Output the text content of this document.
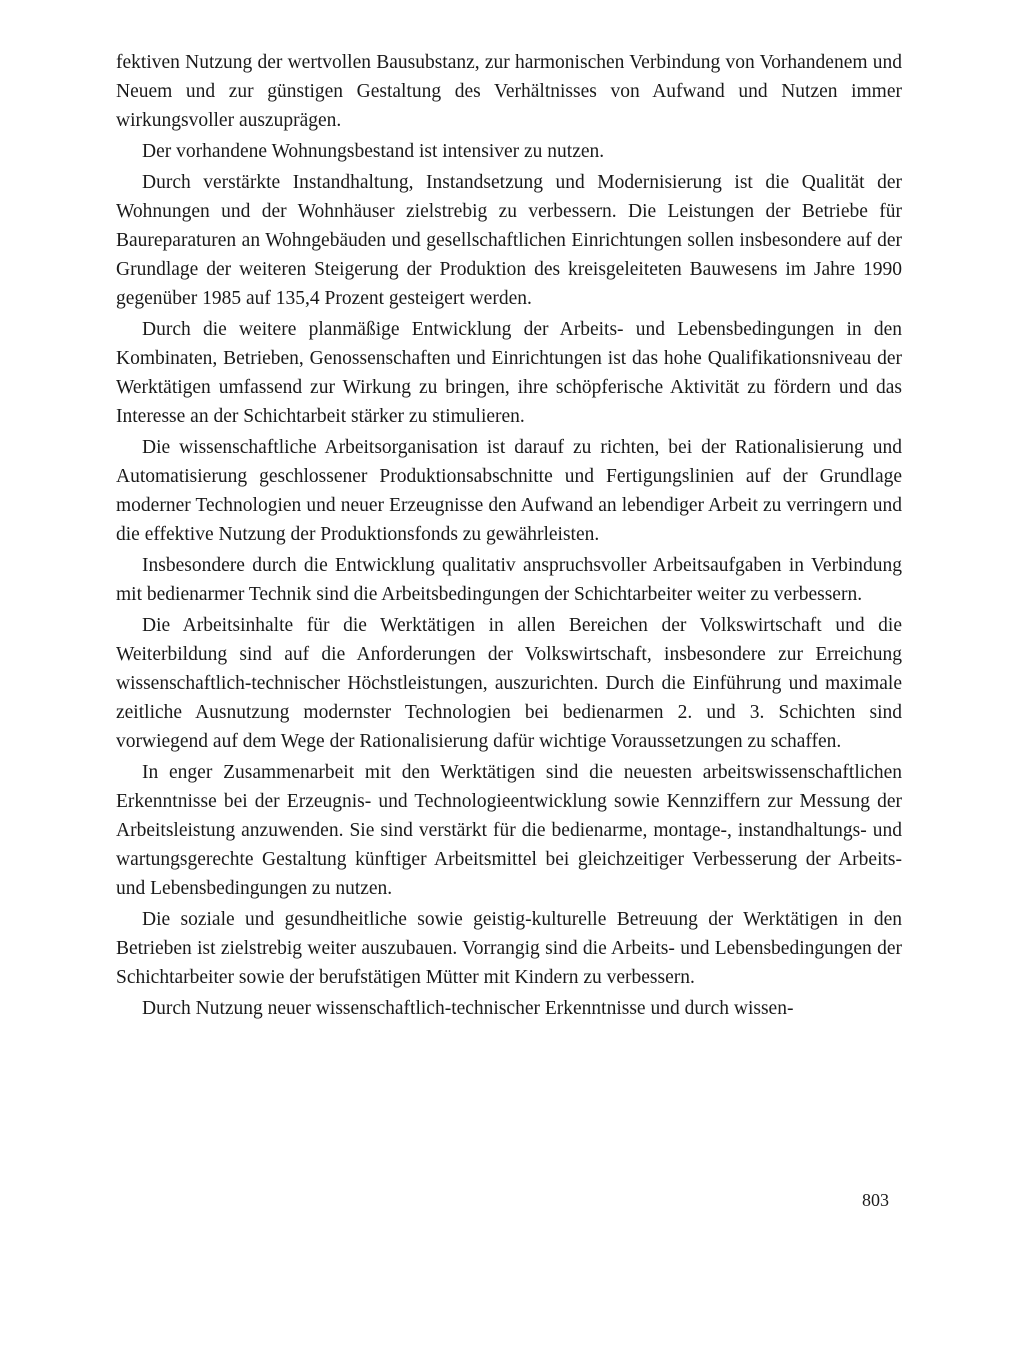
fektiven Nutzung der wertvollen Bausubstanz, zur harmonischen Verbindung von Vorhandenem und Neuem und zur günstigen Gestaltung des Verhältnisses von Aufwand und Nutzen immer wirkungsvoller auszuprägen.

Der vorhandene Wohnungsbestand ist intensiver zu nutzen.

Durch verstärkte Instandhaltung, Instandsetzung und Modernisierung ist die Qualität der Wohnungen und der Wohnhäuser zielstrebig zu verbessern. Die Leistungen der Betriebe für Baureparaturen an Wohngebäuden und gesellschaftlichen Einrichtungen sollen insbesondere auf der Grundlage der weiteren Steigerung der Produktion des kreisgeleiteten Bauwesens im Jahre 1990 gegenüber 1985 auf 135,4 Prozent gesteigert werden.

Durch die weitere planmäßige Entwicklung der Arbeits- und Lebensbedingungen in den Kombinaten, Betrieben, Genossenschaften und Einrichtungen ist das hohe Qualifikationsniveau der Werktätigen umfassend zur Wirkung zu bringen, ihre schöpferische Aktivität zu fördern und das Interesse an der Schichtarbeit stärker zu stimulieren.

Die wissenschaftliche Arbeitsorganisation ist darauf zu richten, bei der Rationalisierung und Automatisierung geschlossener Produktionsabschnitte und Fertigungslinien auf der Grundlage moderner Technologien und neuer Erzeugnisse den Aufwand an lebendiger Arbeit zu verringern und die effektive Nutzung der Produktionsfonds zu gewährleisten.

Insbesondere durch die Entwicklung qualitativ anspruchsvoller Arbeitsaufgaben in Verbindung mit bedienarmer Technik sind die Arbeitsbedingungen der Schichtarbeiter weiter zu verbessern.

Die Arbeitsinhalte für die Werktätigen in allen Bereichen der Volkswirtschaft und die Weiterbildung sind auf die Anforderungen der Volkswirtschaft, insbesondere zur Erreichung wissenschaftlich-technischer Höchstleistungen, auszurichten. Durch die Einführung und maximale zeitliche Ausnutzung modernster Technologien bei bedienarmen 2. und 3. Schichten sind vorwiegend auf dem Wege der Rationalisierung dafür wichtige Voraussetzungen zu schaffen.

In enger Zusammenarbeit mit den Werktätigen sind die neuesten arbeitswissenschaftlichen Erkenntnisse bei der Erzeugnis- und Technologieentwicklung sowie Kennziffern zur Messung der Arbeitsleistung anzuwenden. Sie sind verstärkt für die bedienarme, montage-, instandhaltungs- und wartungsgerechte Gestaltung künftiger Arbeitsmittel bei gleichzeitiger Verbesserung der Arbeits- und Lebensbedingungen zu nutzen.

Die soziale und gesundheitliche sowie geistig-kulturelle Betreuung der Werktätigen in den Betrieben ist zielstrebig weiter auszubauen. Vorrangig sind die Arbeits- und Lebensbedingungen der Schichtarbeiter sowie der berufstätigen Mütter mit Kindern zu verbessern.

Durch Nutzung neuer wissenschaftlich-technischer Erkenntnisse und durch wissen-

803
